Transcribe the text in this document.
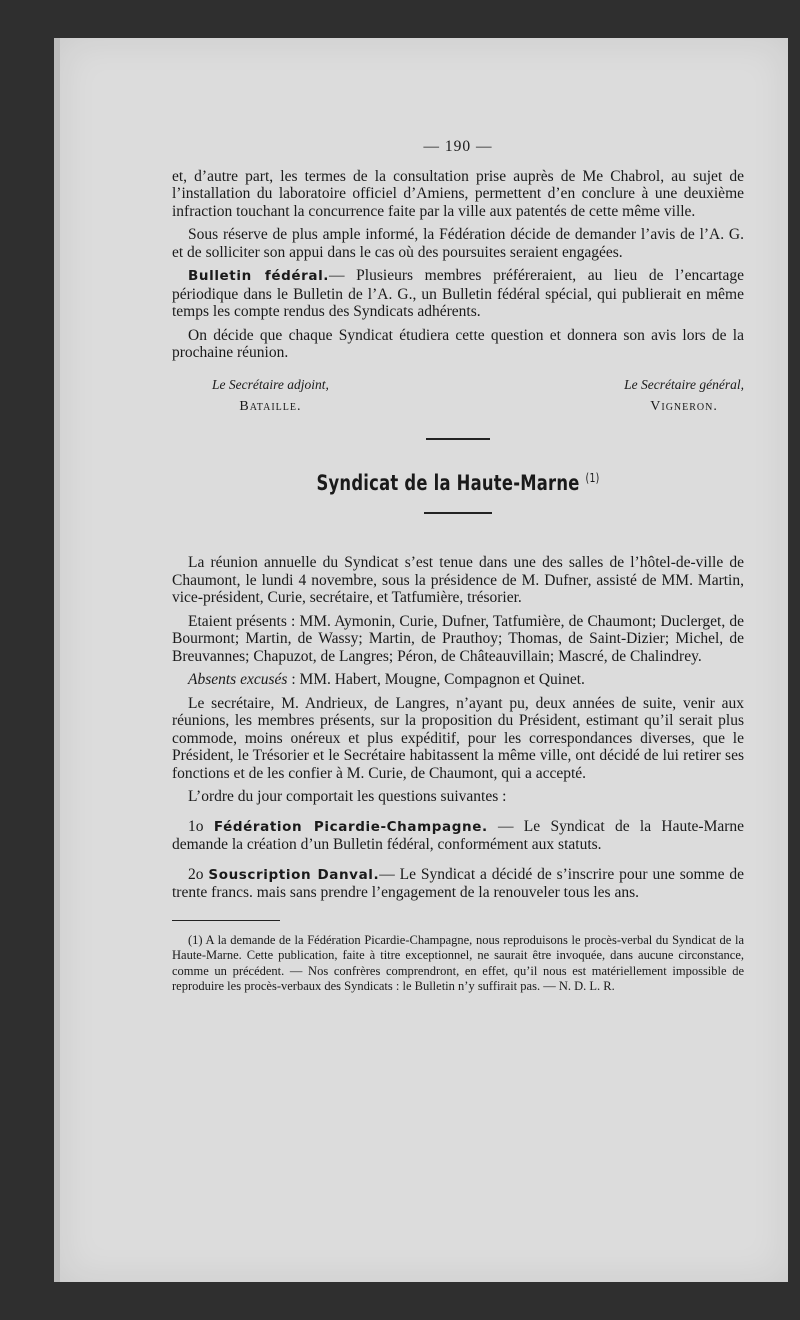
— 190 —

et, d’autre part, les termes de la consultation prise auprès de Me Chabrol, au sujet de l’installation du laboratoire officiel d’Amiens, permettent d’en conclure à une deuxième infraction touchant la concurrence faite par la ville aux patentés de cette même ville.

Sous réserve de plus ample informé, la Fédération décide de demander l’avis de l’A. G. et de solliciter son appui dans le cas où des poursuites seraient engagées.

Bulletin fédéral.— Plusieurs membres préféreraient, au lieu de l’encartage périodique dans le Bulletin de l’A. G., un Bulletin fédéral spécial, qui publierait en même temps les compte rendus des Syndicats adhérents.

On décide que chaque Syndicat étudiera cette question et donnera son avis lors de la prochaine réunion.

Le Secrétaire adjoint,
Bataille.
Le Secrétaire général,
Vigneron.
Syndicat de la Haute-Marne $^{(1)}$

La réunion annuelle du Syndicat s’est tenue dans une des salles de l’hôtel-de-ville de Chaumont, le lundi 4 novembre, sous la présidence de M. Dufner, assisté de MM. Martin, vice-président, Curie, secrétaire, et Tatfumière, trésorier.

Etaient présents : MM. Aymonin, Curie, Dufner, Tatfumière, de Chaumont; Duclerget, de Bourmont; Martin, de Wassy; Martin, de Prauthoy; Thomas, de Saint-Dizier; Michel, de Breuvannes; Chapuzot, de Langres; Péron, de Châteauvillain; Mascré, de Chalindrey.

Absents excusés : MM. Habert, Mougne, Compagnon et Quinet.

Le secrétaire, M. Andrieux, de Langres, n’ayant pu, deux années de suite, venir aux réunions, les membres présents, sur la proposition du Président, estimant qu’il serait plus commode, moins onéreux et plus expéditif, pour les correspondances diverses, que le Président, le Trésorier et le Secrétaire habitassent la même ville, ont décidé de lui retirer ses fonctions et de les confier à M. Curie, de Chaumont, qui a accepté.

L’ordre du jour comportait les questions suivantes :

1o Fédération Picardie-Champagne. — Le Syndicat de la Haute-Marne demande la création d’un Bulletin fédéral, conformément aux statuts.

2o Souscription Danval.— Le Syndicat a décidé de s’inscrire pour une somme de trente francs. mais sans prendre l’engagement de la renouveler tous les ans.

(1) A la demande de la Fédération Picardie-Champagne, nous reproduisons le procès-verbal du Syndicat de la Haute-Marne. Cette publication, faite à titre exceptionnel, ne saurait être invoquée, dans aucune circonstance, comme un précédent. — Nos confrères comprendront, en effet, qu’il nous est matériellement impossible de reproduire les procès-verbaux des Syndicats : le Bulletin n’y suffirait pas. — N. D. L. R.
